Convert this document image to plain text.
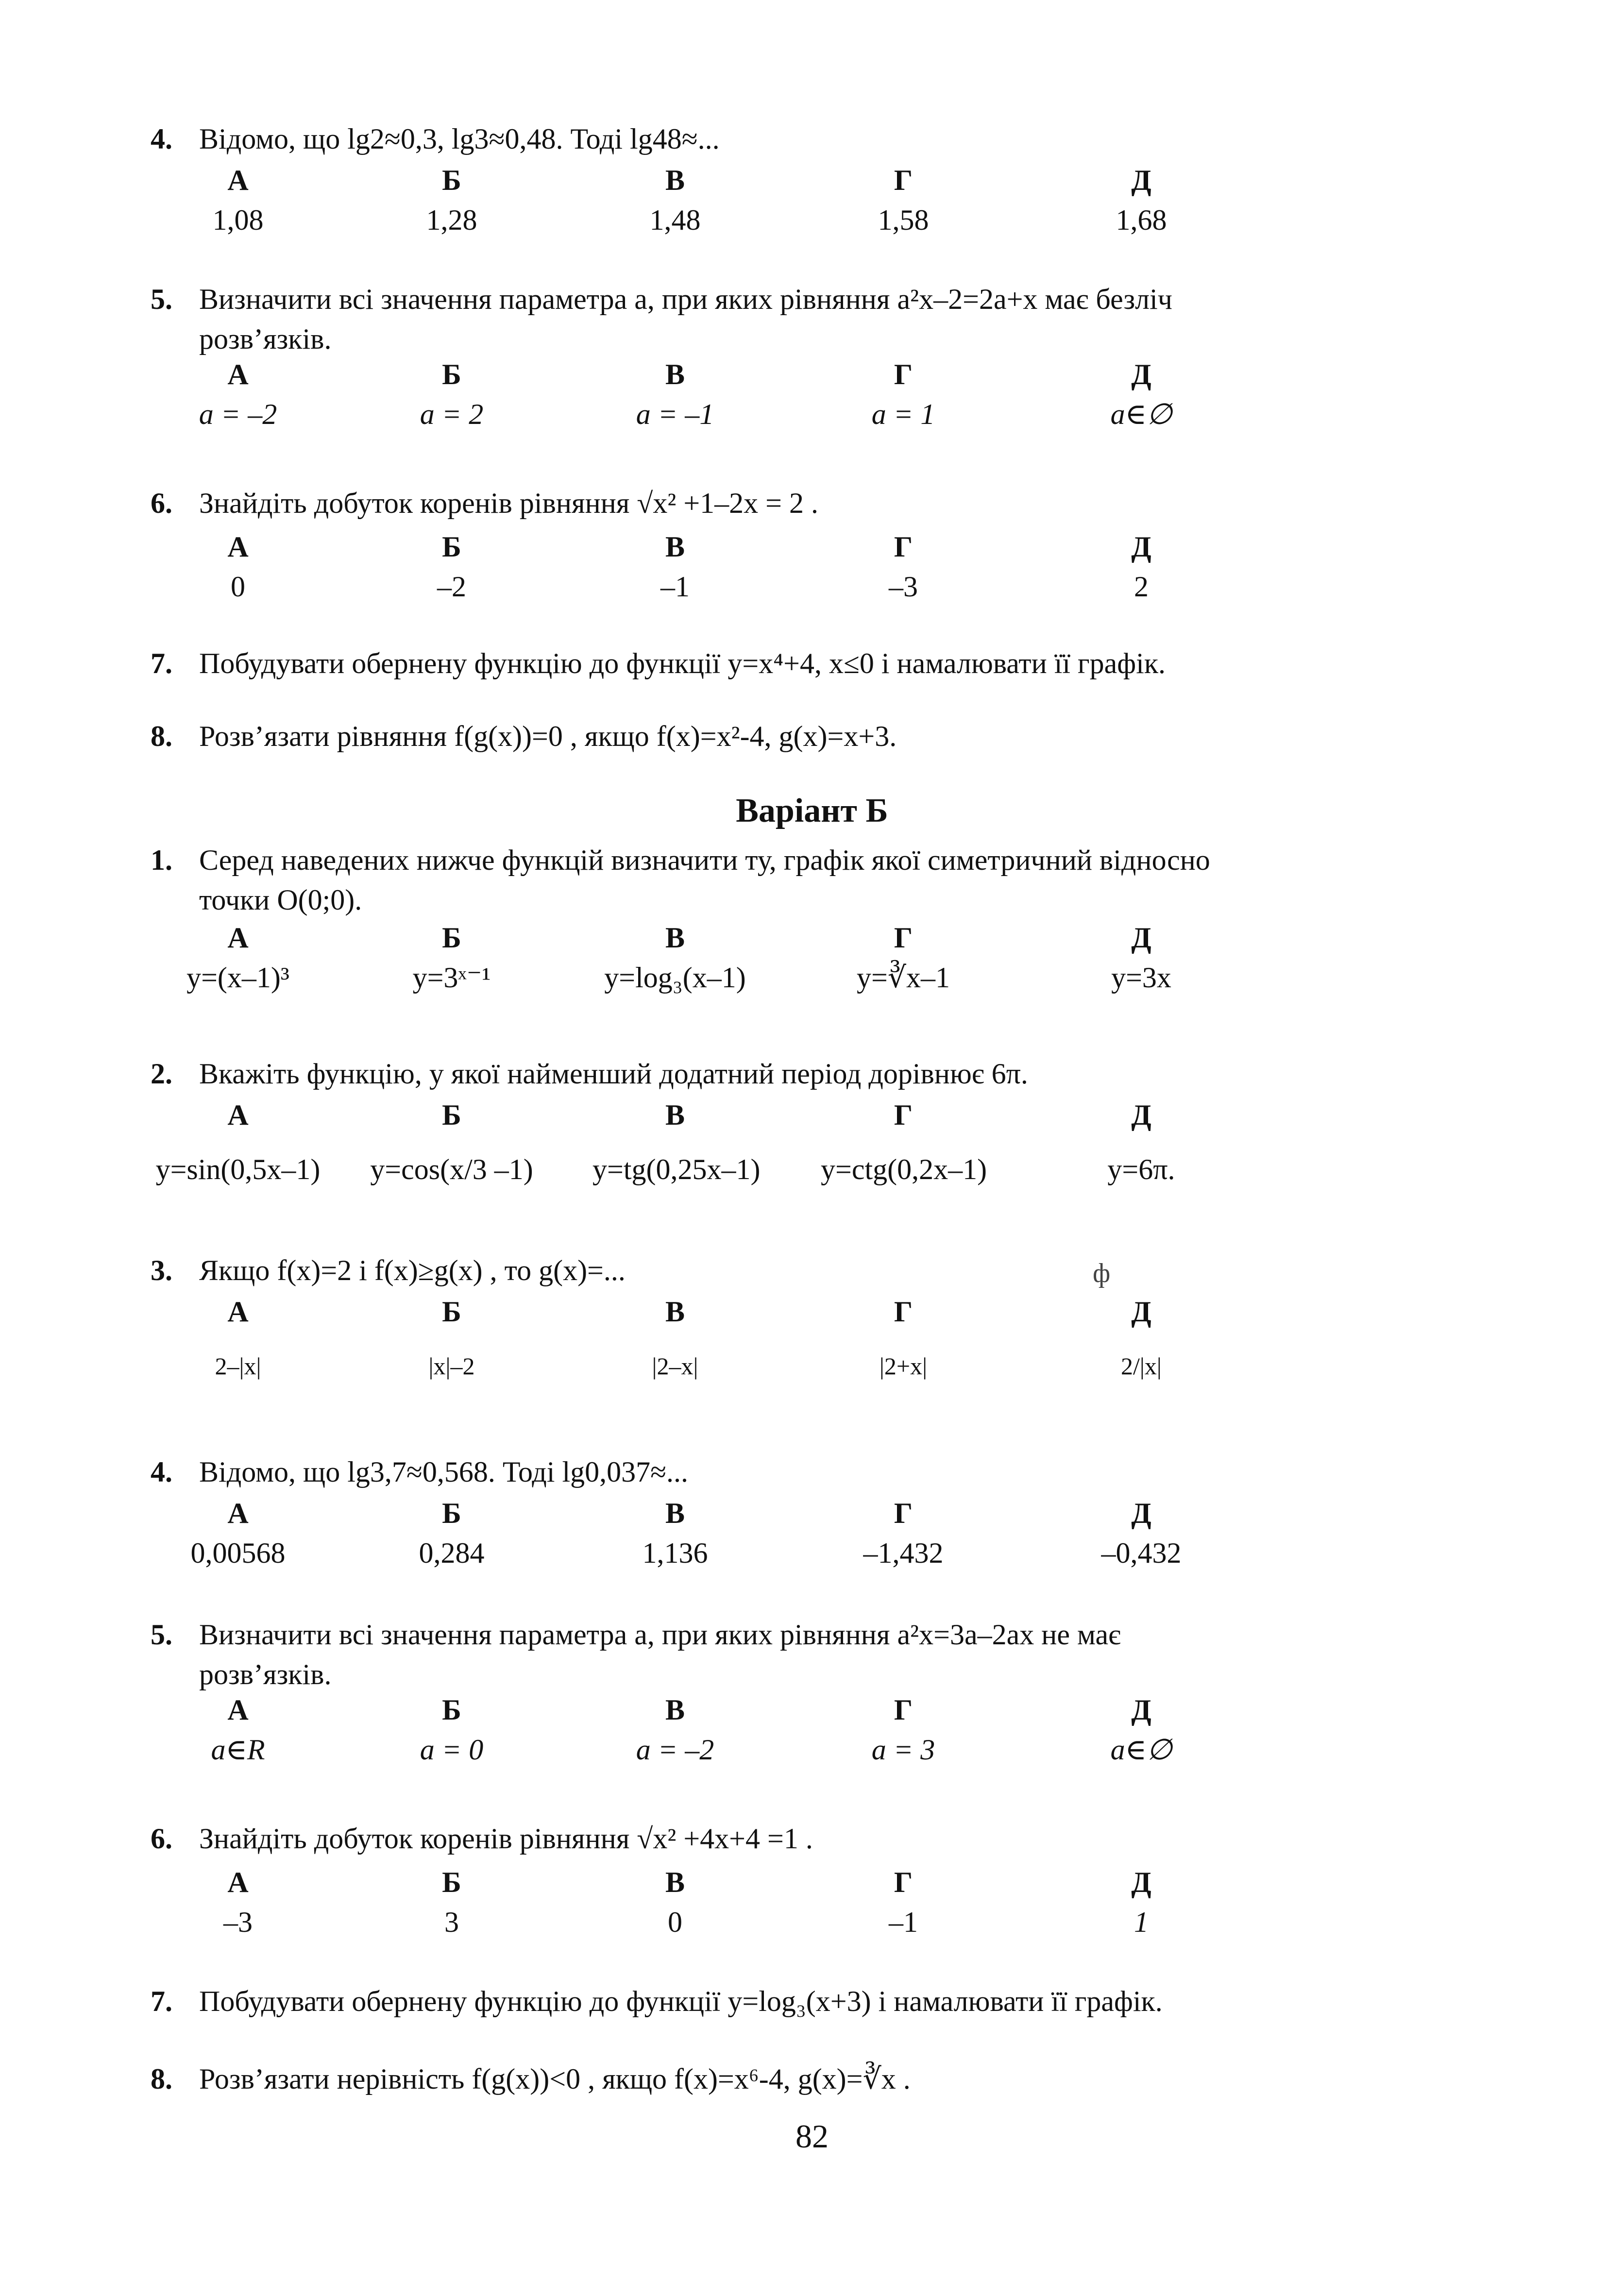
4. Відомо, що lg2≈0,3, lg3≈0,48. Тоді lg48≈...
А
1,08
Б
1,28
В
1,48
Г
1,58
Д
1,68
5. Визначити всі значення параметра a, при яких рівняння a²x–2=2a+x має безліч
розв’язків.
А
a = –2
Б
a = 2
В
a = –1
Г
a = 1
Д
a∈∅
6. Знайдіть добуток коренів рівняння √x² +1–2x = 2 .
А
0
Б
–2
В
–1
Г
–3
Д
2
7. Побудувати обернену функцію до функції y=x⁴+4, x≤0 і намалювати її графік.
8. Розв’язати рівняння f(g(x))=0 , якщо f(x)=x²-4, g(x)=x+3.
Варіант Б
1. Серед наведених нижче функцій визначити ту, графік якої симетричний відносно
точки О(0;0).
А
y=(x–1)³
Б
y=3ˣ⁻¹
В
y=log₃(x–1)
Г
y=∛x–1
Д
y=3x
2. Вкажіть функцію, у якої найменший додатний період дорівнює 6π.
А
y=sin(0,5x–1)
Б
y=cos(x/3 –1)
В
y=tg(0,25x–1)
Г
y=ctg(0,2x–1)
Д
y=6π.
3. Якщо f(x)=2 і f(x)≥g(x) , то g(x)=...	ф
А
2–|x|
Б
|x|–2
В
|2–x|
Г
|2+x|
Д
2/|x|
4. Відомо, що lg3,7≈0,568. Тоді lg0,037≈...
А
0,00568
Б
0,284
В
1,136
Г
–1,432
Д
–0,432
5. Визначити всі значення параметра a, при яких рівняння a²x=3a–2ax не має
розв’язків.
А
a∈R
Б
a = 0
В
a = –2
Г
a = 3
Д
a∈∅
6. Знайдіть добуток коренів рівняння √x² +4x+4 =1 .
А
–3
Б
3
В
0
Г
–1
Д
1
7. Побудувати обернену функцію до функції y=log₃(x+3) і намалювати її графік.
8. Розв’язати нерівність f(g(x))<0 , якщо f(x)=x⁶-4, g(x)=∛x .
82
